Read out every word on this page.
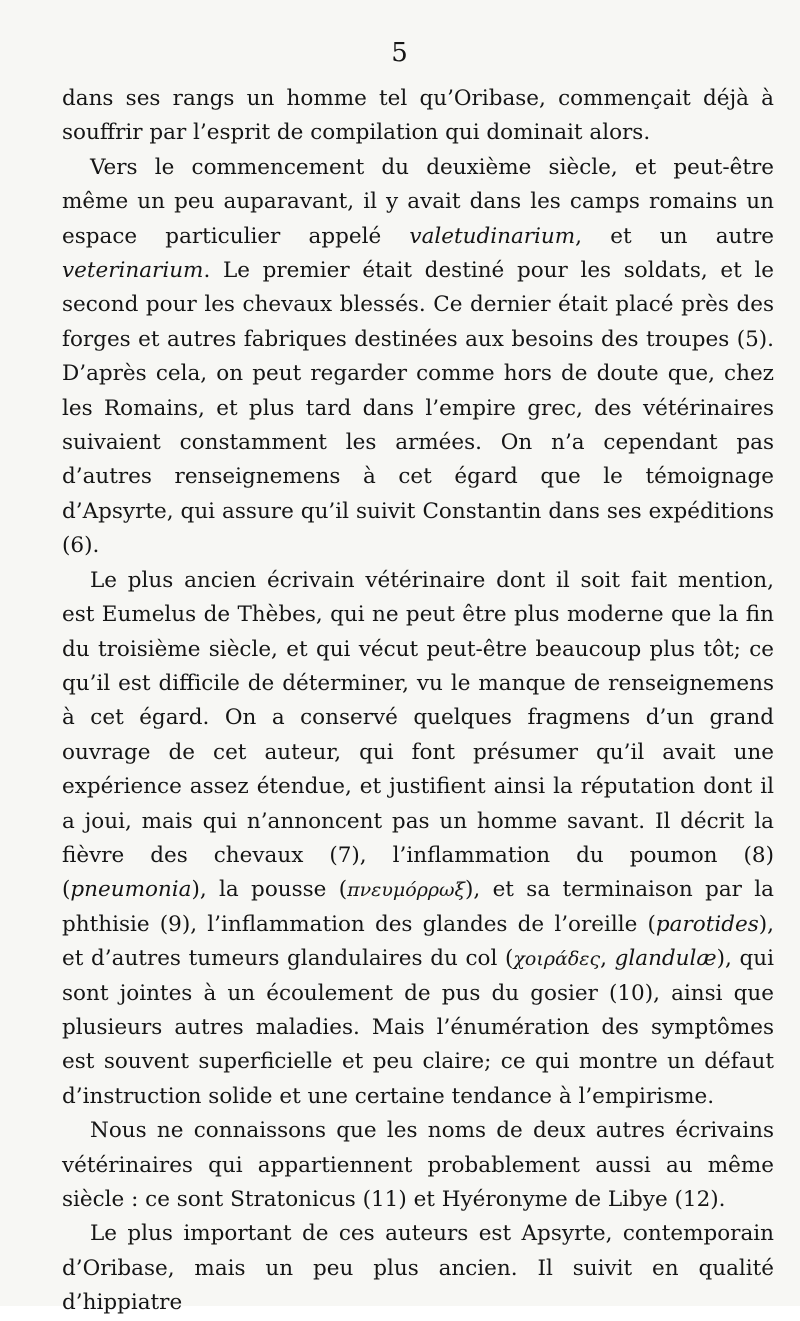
5

dans ses rangs un homme tel qu’Oribase, commençait déjà à souffrir par l’esprit de compilation qui dominait alors.

Vers le commencement du deuxième siècle, et peut-être même un peu auparavant, il y avait dans les camps romains un espace particulier appelé valetudinarium, et un autre veterinarium. Le premier était destiné pour les soldats, et le second pour les chevaux blessés. Ce dernier était placé près des forges et autres fabriques destinées aux besoins des troupes (5). D’après cela, on peut regarder comme hors de doute que, chez les Romains, et plus tard dans l’empire grec, des vétérinaires suivaient constamment les armées. On n’a cependant pas d’autres renseignemens à cet égard que le témoignage d’Apsyrte, qui assure qu’il suivit Constantin dans ses expéditions (6).

Le plus ancien écrivain vétérinaire dont il soit fait mention, est Eumelus de Thèbes, qui ne peut être plus moderne que la fin du troisième siècle, et qui vécut peut-être beaucoup plus tôt; ce qu’il est difficile de déterminer, vu le manque de renseignemens à cet égard. On a conservé quelques fragmens d’un grand ouvrage de cet auteur, qui font présumer qu’il avait une expérience assez étendue, et justifient ainsi la réputation dont il a joui, mais qui n’annoncent pas un homme savant. Il décrit la fièvre des chevaux (7), l’inflammation du poumon (8) (pneumonia), la pousse (πνευμόρρωξ), et sa terminaison par la phthisie (9), l’inflammation des glandes de l’oreille (parotides), et d’autres tumeurs glandulaires du col (χοιράδες, glandulæ), qui sont jointes à un écoulement de pus du gosier (10), ainsi que plusieurs autres maladies. Mais l’énumération des symptômes est souvent superficielle et peu claire; ce qui montre un défaut d’instruction solide et une certaine tendance à l’empirisme.

Nous ne connaissons que les noms de deux autres écrivains vétérinaires qui appartiennent probablement aussi au même siècle : ce sont Stratonicus (11) et Hyéronyme de Libye (12).

Le plus important de ces auteurs est Apsyrte, contemporain d’Oribase, mais un peu plus ancien. Il suivit en qualité d’hippiatre
